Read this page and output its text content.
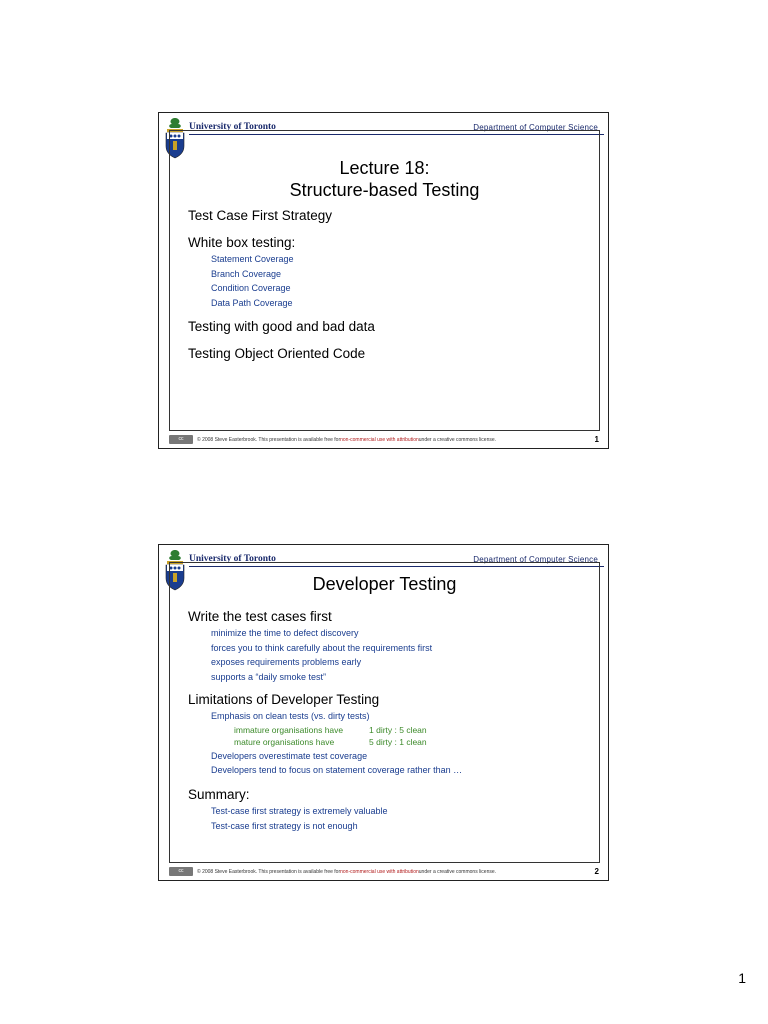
University of Toronto	Department of Computer Science
Lecture 18:
Structure-based Testing

Test Case First Strategy

White box testing:

Statement Coverage
Branch Coverage
Condition Coverage
Data Path Coverage

Testing with good and bad data

Testing Object Oriented Code

cc	© 2008 Steve Easterbrook. This presentation is available free for non-commercial use with attribution under a creative commons license.	1
University of Toronto	Department of Computer Science
Developer Testing

Write the test cases first

minimize the time to defect discovery
forces you to think carefully about the requirements first
exposes requirements problems early
supports a “daily smoke test”

Limitations of Developer Testing

Emphasis on clean tests (vs. dirty tests)
immature organisations have	1 dirty : 5 clean
mature organisations have	5 dirty : 1 clean
Developers overestimate test coverage
Developers tend to focus on statement coverage rather than …

Summary:

Test-case first strategy is extremely valuable
Test-case first strategy is not enough
cc	© 2008 Steve Easterbrook. This presentation is available free for non-commercial use with attribution under a creative commons license.	2
1
